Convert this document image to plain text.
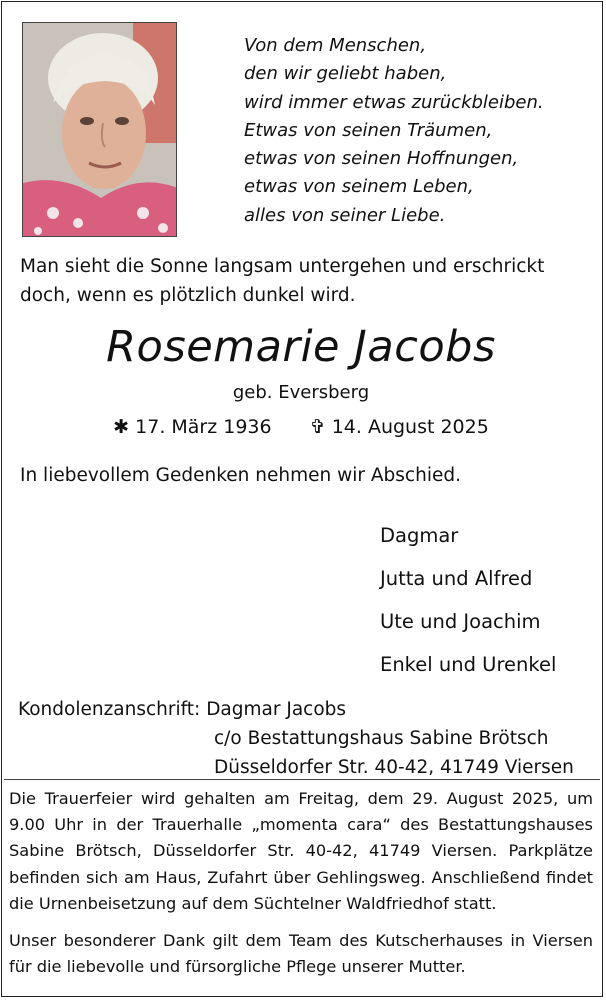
Von dem Menschen,
den wir geliebt haben,
wird immer etwas zurückbleiben.
Etwas von seinen Träumen,
etwas von seinen Hoffnungen,
etwas von seinem Leben,
alles von seiner Liebe.
Man sieht die Sonne langsam untergehen und erschrickt doch, wenn es plötzlich dunkel wird.
Rosemarie Jacobs
geb. Eversberg
✱ 17. März 1936 ✞ 14. August 2025
In liebevollem Gedenken nehmen wir Abschied.
Dagmar
Jutta und Alfred
Ute und Joachim
Enkel und Urenkel
Kondolenzanschrift: Dagmar Jacobs
c/o Bestattungshaus Sabine Brötsch
Düsseldorfer Str. 40-42, 41749 Viersen
Die Trauerfeier wird gehalten am Freitag, dem 29. August 2025, um 9.00 Uhr in der Trauerhalle „momenta cara“ des Bestattungshauses Sabine Brötsch, Düsseldorfer Str. 40-42, 41749 Viersen. Parkplätze befinden sich am Haus, Zufahrt über Gehlingsweg. Anschließend findet die Urnenbeisetzung auf dem Süchtelner Waldfriedhof statt.
Unser besonderer Dank gilt dem Team des Kutscherhauses in Viersen für die liebevolle und fürsorgliche Pflege unserer Mutter.
